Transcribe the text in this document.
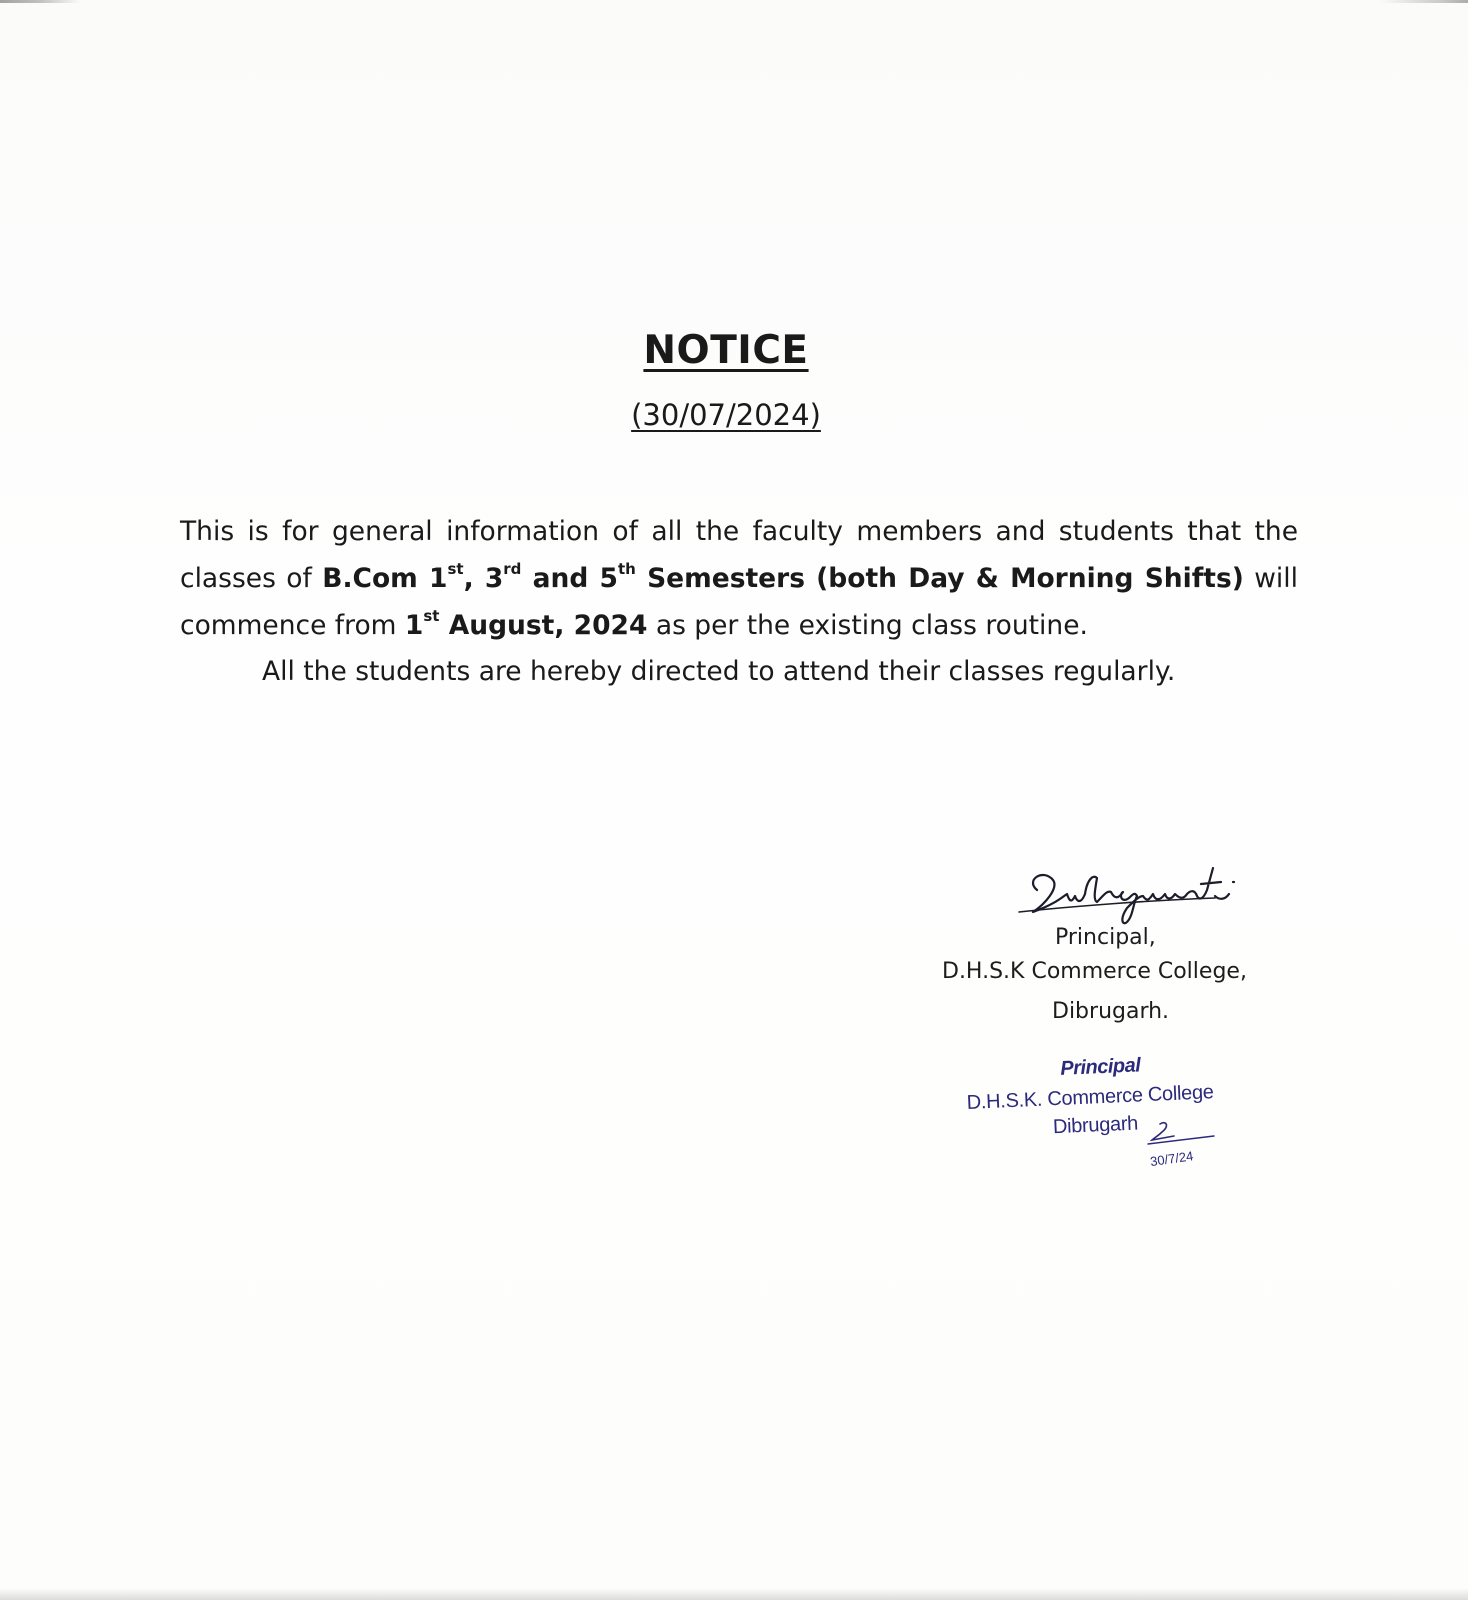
NOTICE
(30/07/2024)
This is for general information of all the faculty members and students that the classes of B.Com 1st, 3rd and 5th Semesters (both Day & Morning Shifts) will commence from 1st August, 2024 as per the existing class routine.
All the students are hereby directed to attend their classes regularly.
Principal,
D.H.S.K Commerce College,
Dibrugarh.
Principal
D.H.S.K. Commerce College
Dibrugarh
30/7/24
